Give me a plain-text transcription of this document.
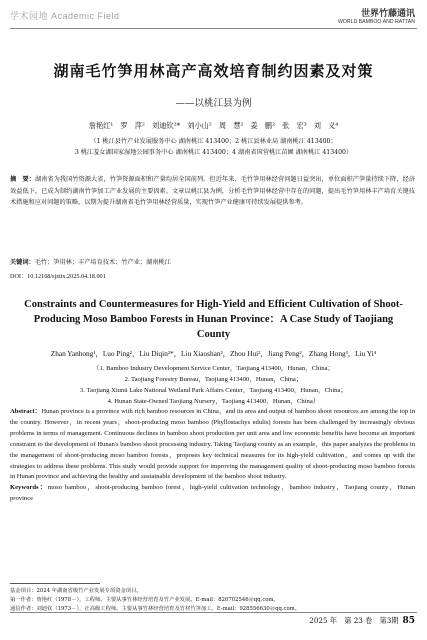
学术园地 Academic Field	世界竹藤通讯
WORLD BAMBOO AND RATTAN
湖南毛竹笋用林高产高效培育制约因素及对策
——以桃江县为例
詹艳红¹　罗　萍²　刘迪钦²*　刘小山²　周　慧²　姜　鹏²　张　宏³　刘　义⁴
（1 桃江县竹产业发展服务中心 湖南桃江 413400；2 桃江县林业局 湖南桃江 413400；
3 桃江羞女湖国家湿地公园事务中心 湖南桃江 413400；4 湖南省国营桃江苗圃 湖南桃江 413400）
摘　要：湖南省为我国竹资源大省，竹笋资源面积和产量均居全国前列。但近年来，毛竹笋用林经营问题日益突出，单位面积产笋量持续下降，经济效益低下，已成为制约湖南竹笋加工产业发展的主要因素。文章以桃江县为例，分析毛竹笋用林经营中存在的问题，提出毛竹笋用林丰产培育关键技术措施和应对问题的策略，以期为提升湖南省毛竹笋用林经营质量，实现竹笋产业健康可持续发展提供参考。
关键词：毛竹；笋用林；丰产培育技术；竹产业；湖南桃江
DOI：10.12168/sjzttx.2025.04.18.001
Constraints and Countermeasures for High-Yield and Efficient Cultivation of Shoot-Producing Moso Bamboo Forests in Hunan Province：A Case Study of Taojiang County
Zhan Yanhong¹，Luo Ping²，Liu Diqin²*，Liu Xiaoshan²，Zhou Hui²，Jiang Peng²，Zhang Hong³，Liu Yi⁴
（1. Bamboo Industry Development Service Center，Taojiang 413400，Hunan，China；
2. Taojiang Forestry Bureau，Taojiang 413400，Hunan，China；
3. Taojiang Xiunü Lake National Wetland Park Affairs Center，Taojiang 413400，Hunan，China；
4. Hunan State-Owned Taojiang Nursery，Taojiang 413400，Hunan，China）
Abstract：Hunan province is a province with rich bamboo resources in China，and its area and output of bamboo shoot resources are among the top in the country. However，in recent years，shoot-producing moso bamboo (Phyllostachys edulis) forests has been challenged by increasingly obvious problems in terms of management. Continuous declines in bamboo shoot production per unit area and low economic benefits have become an important constraint to the development of Hunan's bamboo shoot processing industry. Taking Taojiang county as an example，this paper analyzes the problems in the management of shoot-producing moso bamboo forests，proposes key technical measures for its high-yield cultivation，and comes up with the strategies to address these problems. This study would provide support for improving the management quality of shoot-producing moso bamboo forests in Hunan province and achieving the healthy and sustainable development of the bamboo shoot industry.
Keywords：moso bamboo，shoot-producing bamboo forest，high-yield cultivation technology，bamboo industry，Taojiang county，Hunan province
基金项目：2024 年湖南省级竹产业发展专项资金项目。
第一作者：詹艳红（1978－），工程师。主要从事竹林经营培育及竹产业发展。E-mail：820702546＠qq.com。
通信作者：刘迪钦（1973－），正高级工程师。主要从事竹林经营培育及竹材竹笋加工。E-mail：928556630＠qq.com。
2025 年　第 23 卷　第3期 85
